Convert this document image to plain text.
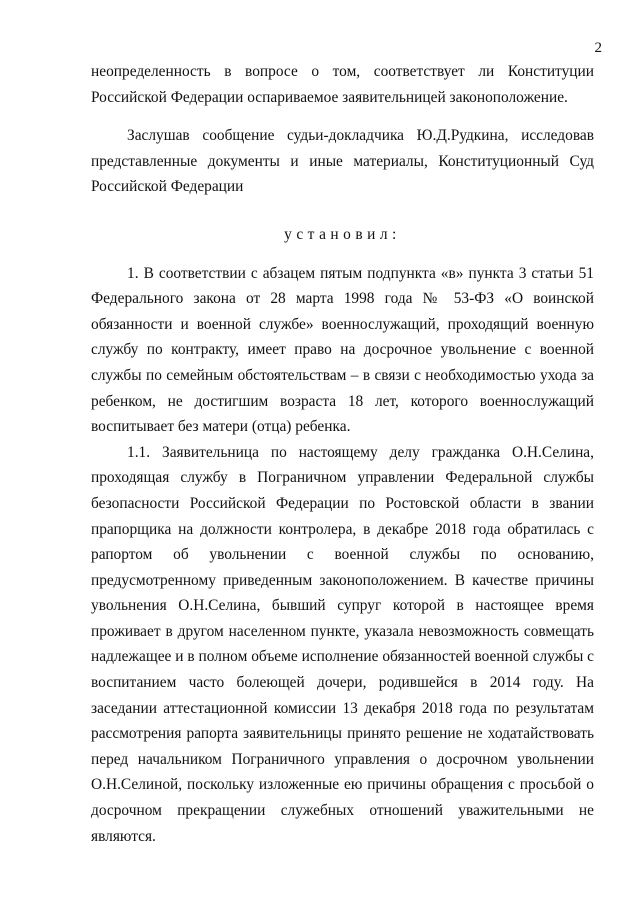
2

неопределенность в вопросе о том, соответствует ли Конституции Российской Федерации оспариваемое заявительницей законоположение.

Заслушав сообщение судьи-докладчика Ю.Д.Рудкина, исследовав представленные документы и иные материалы, Конституционный Суд Российской Федерации

установил:

1. В соответствии с абзацем пятым подпункта «в» пункта 3 статьи 51 Федерального закона от 28 марта 1998 года № 53-ФЗ «О воинской обязанности и военной службе» военнослужащий, проходящий военную службу по контракту, имеет право на досрочное увольнение с военной службы по семейным обстоятельствам – в связи с необходимостью ухода за ребенком, не достигшим возраста 18 лет, которого военнослужащий воспитывает без матери (отца) ребенка.

1.1. Заявительница по настоящему делу гражданка О.Н.Селина, проходящая службу в Пограничном управлении Федеральной службы безопасности Российской Федерации по Ростовской области в звании прапорщика на должности контролера, в декабре 2018 года обратилась с рапортом об увольнении с военной службы по основанию, предусмотренному приведенным законоположением. В качестве причины увольнения О.Н.Селина, бывший супруг которой в настоящее время проживает в другом населенном пункте, указала невозможность совмещать надлежащее и в полном объеме исполнение обязанностей военной службы с воспитанием часто болеющей дочери, родившейся в 2014 году. На заседании аттестационной комиссии 13 декабря 2018 года по результатам рассмотрения рапорта заявительницы принято решение не ходатайствовать перед начальником Пограничного управления о досрочном увольнении О.Н.Селиной, поскольку изложенные ею причины обращения с просьбой о досрочном прекращении служебных отношений уважительными не являются.
